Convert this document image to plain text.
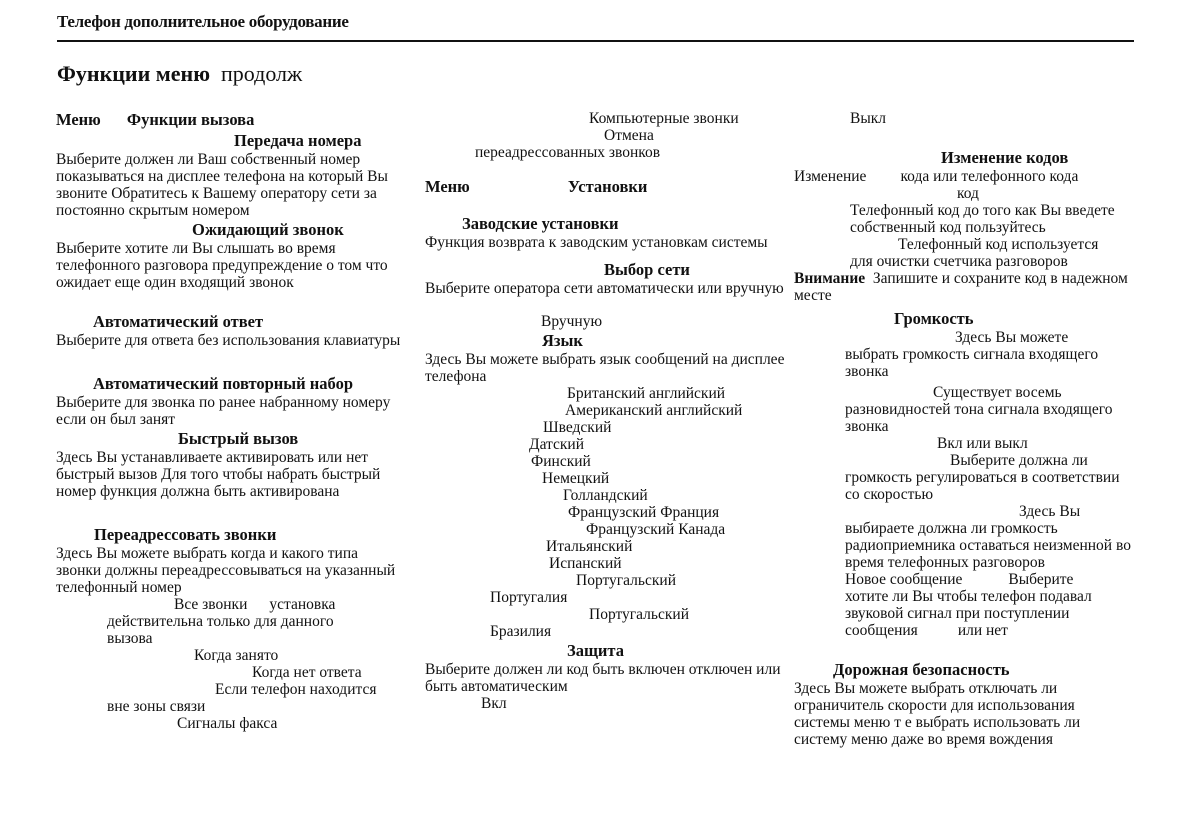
Телефон дополнительное оборудование
Функции меню продолж
Меню Функции вызова

Передача номера

Выберите должен ли Ваш собственный номер показываться на дисплее телефона на который Вы звоните Обратитесь к Вашему оператору сети за постоянно скрытым номером

Ожидающий звонок

Выберите хотите ли Вы слышать во время телефонного разговора предупреждение о том что ожидает еще один входящий звонок

Автоматический ответ

Выберите для ответа без использования клавиатуры

Автоматический повторный набор

Выберите для звонка по ранее набранному номеру если он был занят

Быстрый вызов

Здесь Вы устанавливаете активировать или нет быстрый вызов Для того чтобы набрать быстрый номер функция должна быть активирована

Переадрессовать звонки

Здесь Вы можете выбрать когда и какого типа звонки должны переадрессовываться на указанный телефонный номер

Все звонки установка

действительна только для данного

вызова

Когда занято

Когда нет ответа

Если телефон находится

вне зоны связи

Сигналы факса

Компьютерные звонки

Отмена

переадрессованных звонков

Меню	Установки

Заводские установки

Функция возврата к заводским установкам системы

Выбор сети

Выберите оператора сети автоматически или вручную

Вручную

Язык

Здесь Вы можете выбрать язык сообщений на дисплее телефона

Британский английский

Американский английский

Шведский

Датский

Финский

Немецкий

Голландский

Французский Франция

Французский Канада

Итальянский

Испанский

Португальский

Португалия

Португальский

Бразилия

Защита

Выберите должен ли код быть включен отключен или быть автоматическим

Вкл

Выкл

Изменение кодов

Изменение кода или телефонного кода

код

Телефонный код до того как Вы введете собственный код пользуйтесь

Телефонный код используется

для очистки счетчика разговоров

Внимание Запишите и сохраните код в надежном месте

Громкость

Здесь Вы можете

выбрать громкость сигнала входящего звонка

Существует восемь

разновидностей тона сигнала входящего звонка

Вкл или выкл

Выберите должна ли

громкость регулироваться в соответствии со скоростью

Здесь Вы

выбираете должна ли громкость радиоприемника оставаться неизменной во время телефонных разговоров

Новое сообщение	Выберите

хотите ли Вы чтобы телефон подавал звуковой сигнал при поступлении

сообщения	или нет

Дорожная безопасность

Здесь Вы можете выбрать отключать ли ограничитель скорости для использования системы меню т е выбрать использовать ли систему меню даже во время вождения
